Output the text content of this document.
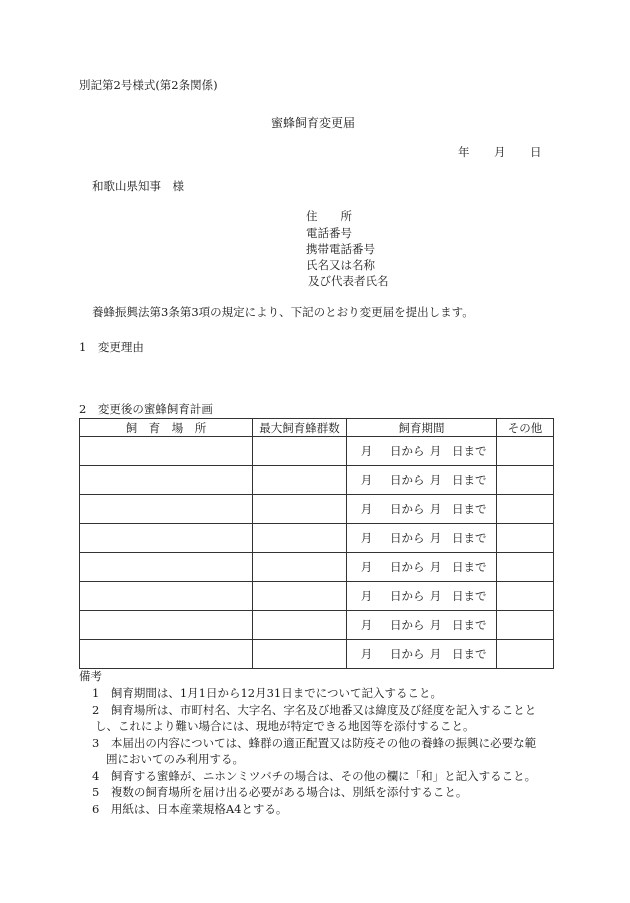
別記第2号様式(第2条関係)
蜜蜂飼育変更届
年 月 日
和歌山県知事　様
住　　所
電話番号
携帯電話番号
氏名又は名称
及び代表者氏名
養蜂振興法第3条第3項の規定により、下記のとおり変更届を提出します。
1　変更理由
2　変更後の蜜蜂飼育計画
飼　育　場　所	最大飼育蜂群数	飼育期間	その他
		月 日から 月 日まで	
		月 日から 月 日まで	
		月 日から 月 日まで	
		月 日から 月 日まで	
		月 日から 月 日まで	
		月 日から 月 日まで	
		月 日から 月 日まで	
		月 日から 月 日まで	
備考
1　飼育期間は、1月1日から12月31日までについて記入すること。
2　飼育場所は、市町村名、大字名、字名及び地番又は緯度及び経度を記入することと
し、これにより難い場合には、現地が特定できる地図等を添付すること。
3　本届出の内容については、蜂群の適正配置又は防疫その他の養蜂の振興に必要な範
囲においてのみ利用する。
4　飼育する蜜蜂が、ニホンミツバチの場合は、その他の欄に「和」と記入すること。
5　複数の飼育場所を届け出る必要がある場合は、別紙を添付すること。
6　用紙は、日本産業規格A4とする。
